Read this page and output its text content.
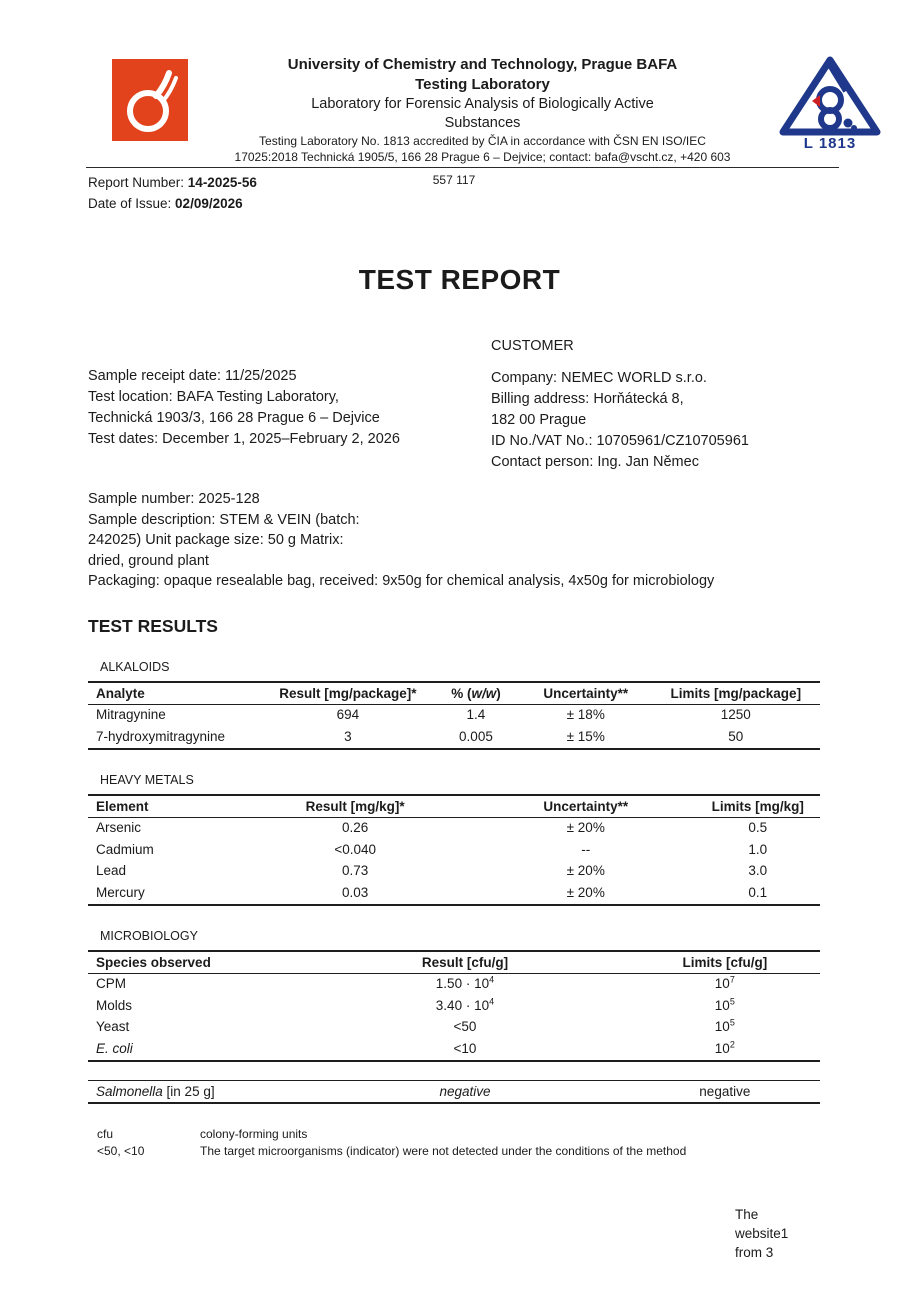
University of Chemistry and Technology, Prague BAFA
Testing Laboratory
Laboratory for Forensic Analysis of Biologically Active
Substances
Testing Laboratory No. 1813 accredited by ČIA in accordance with ČSN EN ISO/IEC
17025:2018 Technická 1905/5, 166 28 Prague 6 – Dejvice; contact: bafa@vscht.cz, +420 603
L 1813
557 117
Report Number: 14-2025-56
Date of Issue: 02/09/2026
TEST REPORT
Sample receipt date: 11/25/2025
Test location: BAFA Testing Laboratory,
Technická 1903/3, 166 28 Prague 6 – Dejvice
Test dates: December 1, 2025–February 2, 2026
CUSTOMER
Company: NEMEC WORLD s.r.o.
Billing address: Horňátecká 8,
182 00 Prague
ID No./VAT No.: 10705961/CZ10705961
Contact person: Ing. Jan Němec
Sample number: 2025-128
Sample description: STEM & VEIN (batch:
242025) Unit package size: 50 g Matrix:
dried, ground plant
Packaging: opaque resealable bag, received: 9x50g for chemical analysis, 4x50g for microbiology
TEST RESULTS
ALKALOIDS
Analyte	Result [mg/package]*	% (w/w)	Uncertainty**	Limits [mg/package]
Mitragynine	694	1.4	± 18%	1250
7-hydroxymitragynine	3	0.005	± 15%	50
HEAVY METALS
Element	Result [mg/kg]*	Uncertainty**	Limits [mg/kg]
Arsenic	0.26	± 20%	0.5
Cadmium	<0.040	--	1.0
Lead	0.73	± 20%	3.0
Mercury	0.03	± 20%	0.1
MICROBIOLOGY
Species observed	Result [cfu/g]	Limits [cfu/g]
CPM	$1.50 \cdot 10^4$	$10^7$
Molds	$3.40 \cdot 10^4$	$10^5$
Yeast	<50	$10^5$
E. coli	<10	$10^2$
Salmonella [in 25 g]	negative	negative
cfu	colony-forming units
<50, <10	The target microorganisms (indicator) were not detected under the conditions of the method
The
website1
from 3
